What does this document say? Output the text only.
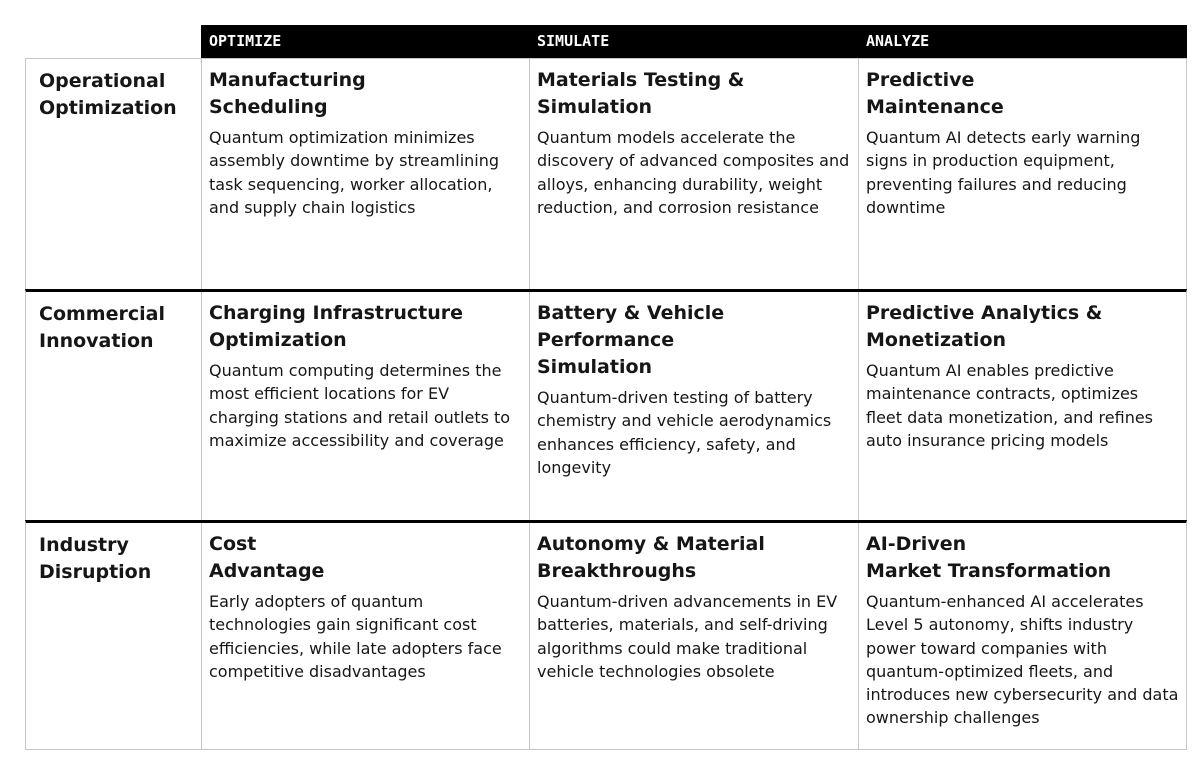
OPTIMIZE	SIMULATE	ANALYZE
Operational
Optimization
Manufacturing
Scheduling
Quantum optimization minimizes assembly downtime by streamlining task sequencing, worker allocation, and supply chain logistics
Materials Testing &
Simulation
Quantum models accelerate the discovery of advanced composites and alloys, enhancing durability, weight reduction, and corrosion resistance
Predictive
Maintenance
Quantum AI detects early warning signs in production equipment, preventing failures and reducing downtime
Commercial
Innovation
Charging Infrastructure
Optimization
Quantum computing determines the most efficient locations for EV charging stations and retail outlets to maximize accessibility and coverage
Battery & Vehicle Performance
Simulation
Quantum-driven testing of battery chemistry and vehicle aerodynamics enhances efficiency, safety, and longevity
Predictive Analytics &
Monetization
Quantum AI enables predictive maintenance contracts, optimizes fleet data monetization, and refines auto insurance pricing models
Industry
Disruption
Cost
Advantage
Early adopters of quantum technologies gain significant cost efficiencies, while late adopters face competitive disadvantages
Autonomy & Material
Breakthroughs
Quantum-driven advancements in EV batteries, materials, and self-driving algorithms could make traditional vehicle technologies obsolete
AI-Driven
Market Transformation
Quantum-enhanced AI accelerates Level 5 autonomy, shifts industry power toward companies with quantum-optimized fleets, and introduces new cybersecurity and data ownership challenges
